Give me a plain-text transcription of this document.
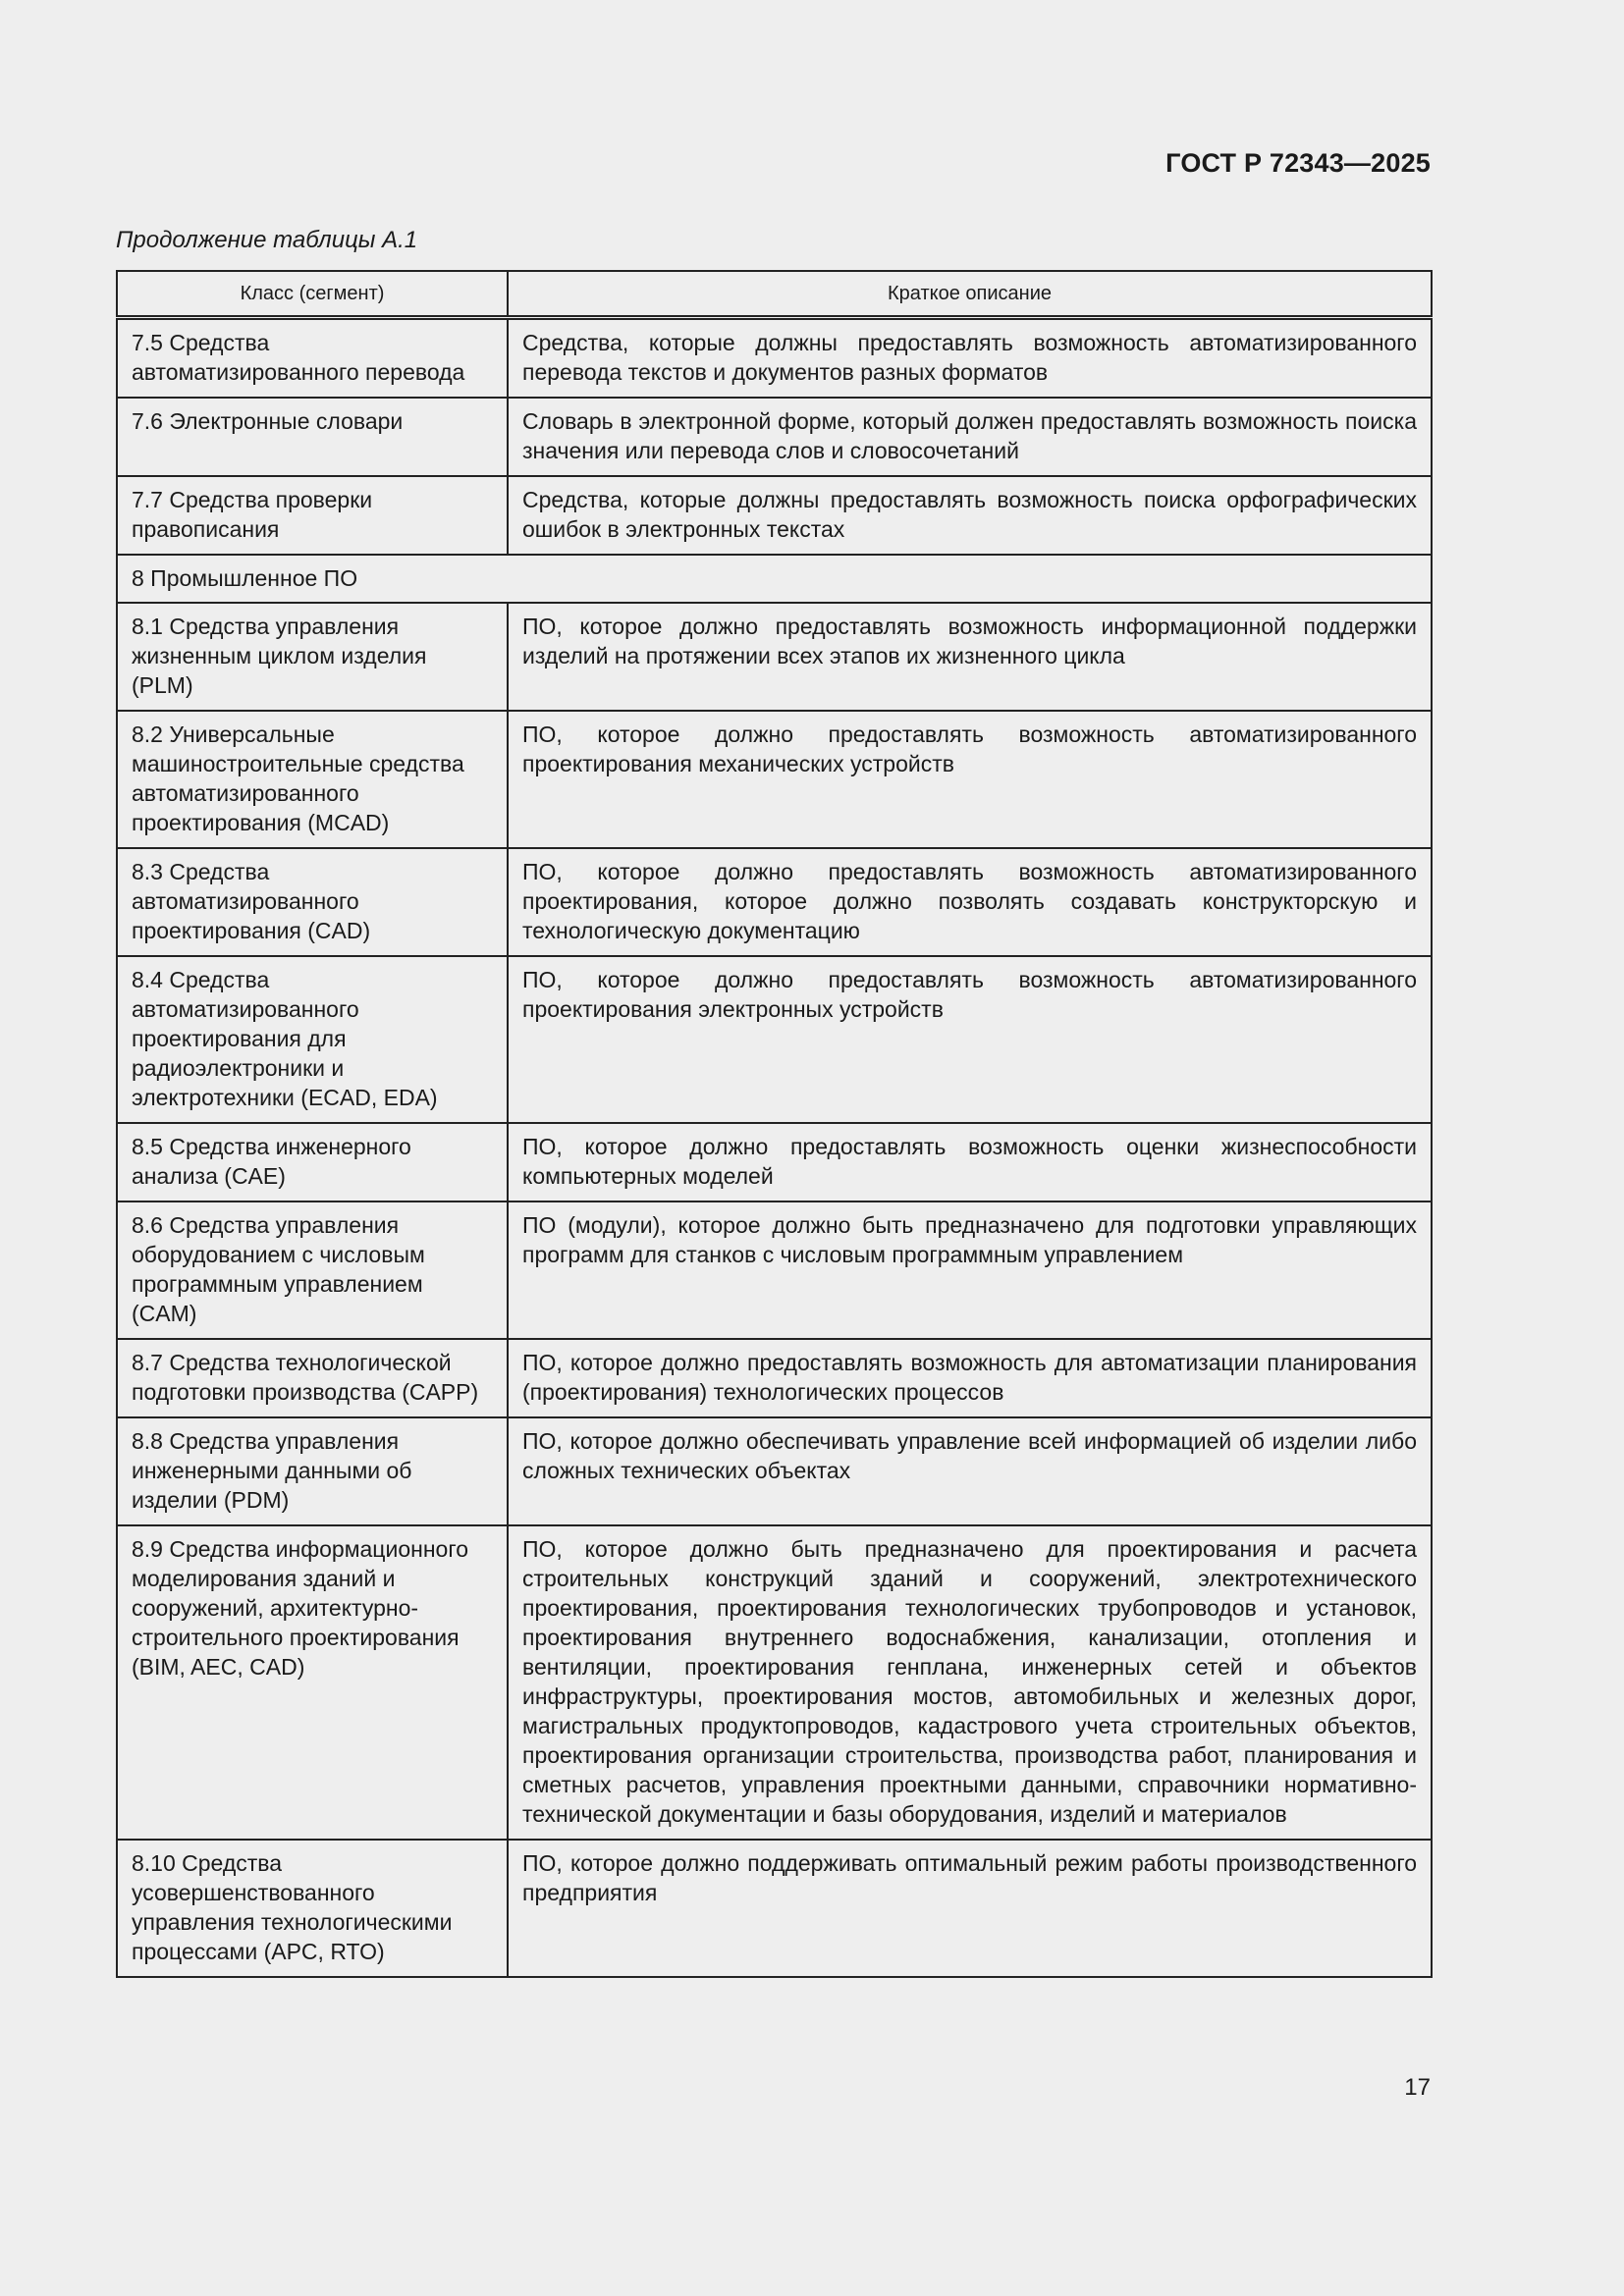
ГОСТ Р 72343—2025
Продолжение таблицы А.1
Класс (сегмент)	Краткое описание
7.5 Средства автоматизированного перевода	Средства, которые должны предоставлять возможность автоматизированного перевода текстов и документов разных форматов
7.6 Электронные словари	Словарь в электронной форме, который должен предоставлять возможность поиска значения или перевода слов и словосочетаний
7.7 Средства проверки правописания	Средства, которые должны предоставлять возможность поиска орфографических ошибок в электронных текстах
8 Промышленное ПО	
8.1 Средства управления жизненным циклом изделия (PLM)	ПО, которое должно предоставлять возможность информационной поддержки изделий на протяжении всех этапов их жизненного цикла
8.2 Универсальные машиностроительные средства автоматизированного проектирования (MCAD)	ПО, которое должно предоставлять возможность автоматизированного проектирования механических устройств
8.3 Средства автоматизированного проектирования (CAD)	ПО, которое должно предоставлять возможность автоматизированного проектирования, которое должно позволять создавать конструкторскую и технологическую документацию
8.4 Средства автоматизированного проектирования для радиоэлектроники и электротехники (ECAD, EDA)	ПО, которое должно предоставлять возможность автоматизированного проектирования электронных устройств
8.5 Средства инженерного анализа (CAE)	ПО, которое должно предоставлять возможность оценки жизнеспособности компьютерных моделей
8.6 Средства управления оборудованием с числовым программным управлением (CAM)	ПО (модули), которое должно быть предназначено для подготовки управляющих программ для станков с числовым программным управлением
8.7 Средства технологической подготовки производства (CAPP)	ПО, которое должно предоставлять возможность для автоматизации планирования (проектирования) технологических процессов
8.8 Средства управления инженерными данными об изделии (PDM)	ПО, которое должно обеспечивать управление всей информацией об изделии либо сложных технических объектах
8.9 Средства информационного моделирования зданий и сооружений, архитектурно-строительного проектирования (BIM, AEC, CAD)	ПО, которое должно быть предназначено для проектирования и расчета строительных конструкций зданий и сооружений, электротехнического проектирования, проектирования технологических трубопроводов и установок, проектирования внутреннего водоснабжения, канализации, отопления и вентиляции, проектирования генплана, инженерных сетей и объектов инфраструктуры, проектирования мостов, автомобильных и железных дорог, магистральных продуктопроводов, кадастрового учета строительных объектов, проектирования организации строительства, производства работ, планирования и сметных расчетов, управления проектными данными, справочники нормативно-технической документации и базы оборудования, изделий и материалов
8.10 Средства усовершенствованного управления технологическими процессами (APC, RTO)	ПО, которое должно поддерживать оптимальный режим работы производственного предприятия
17
